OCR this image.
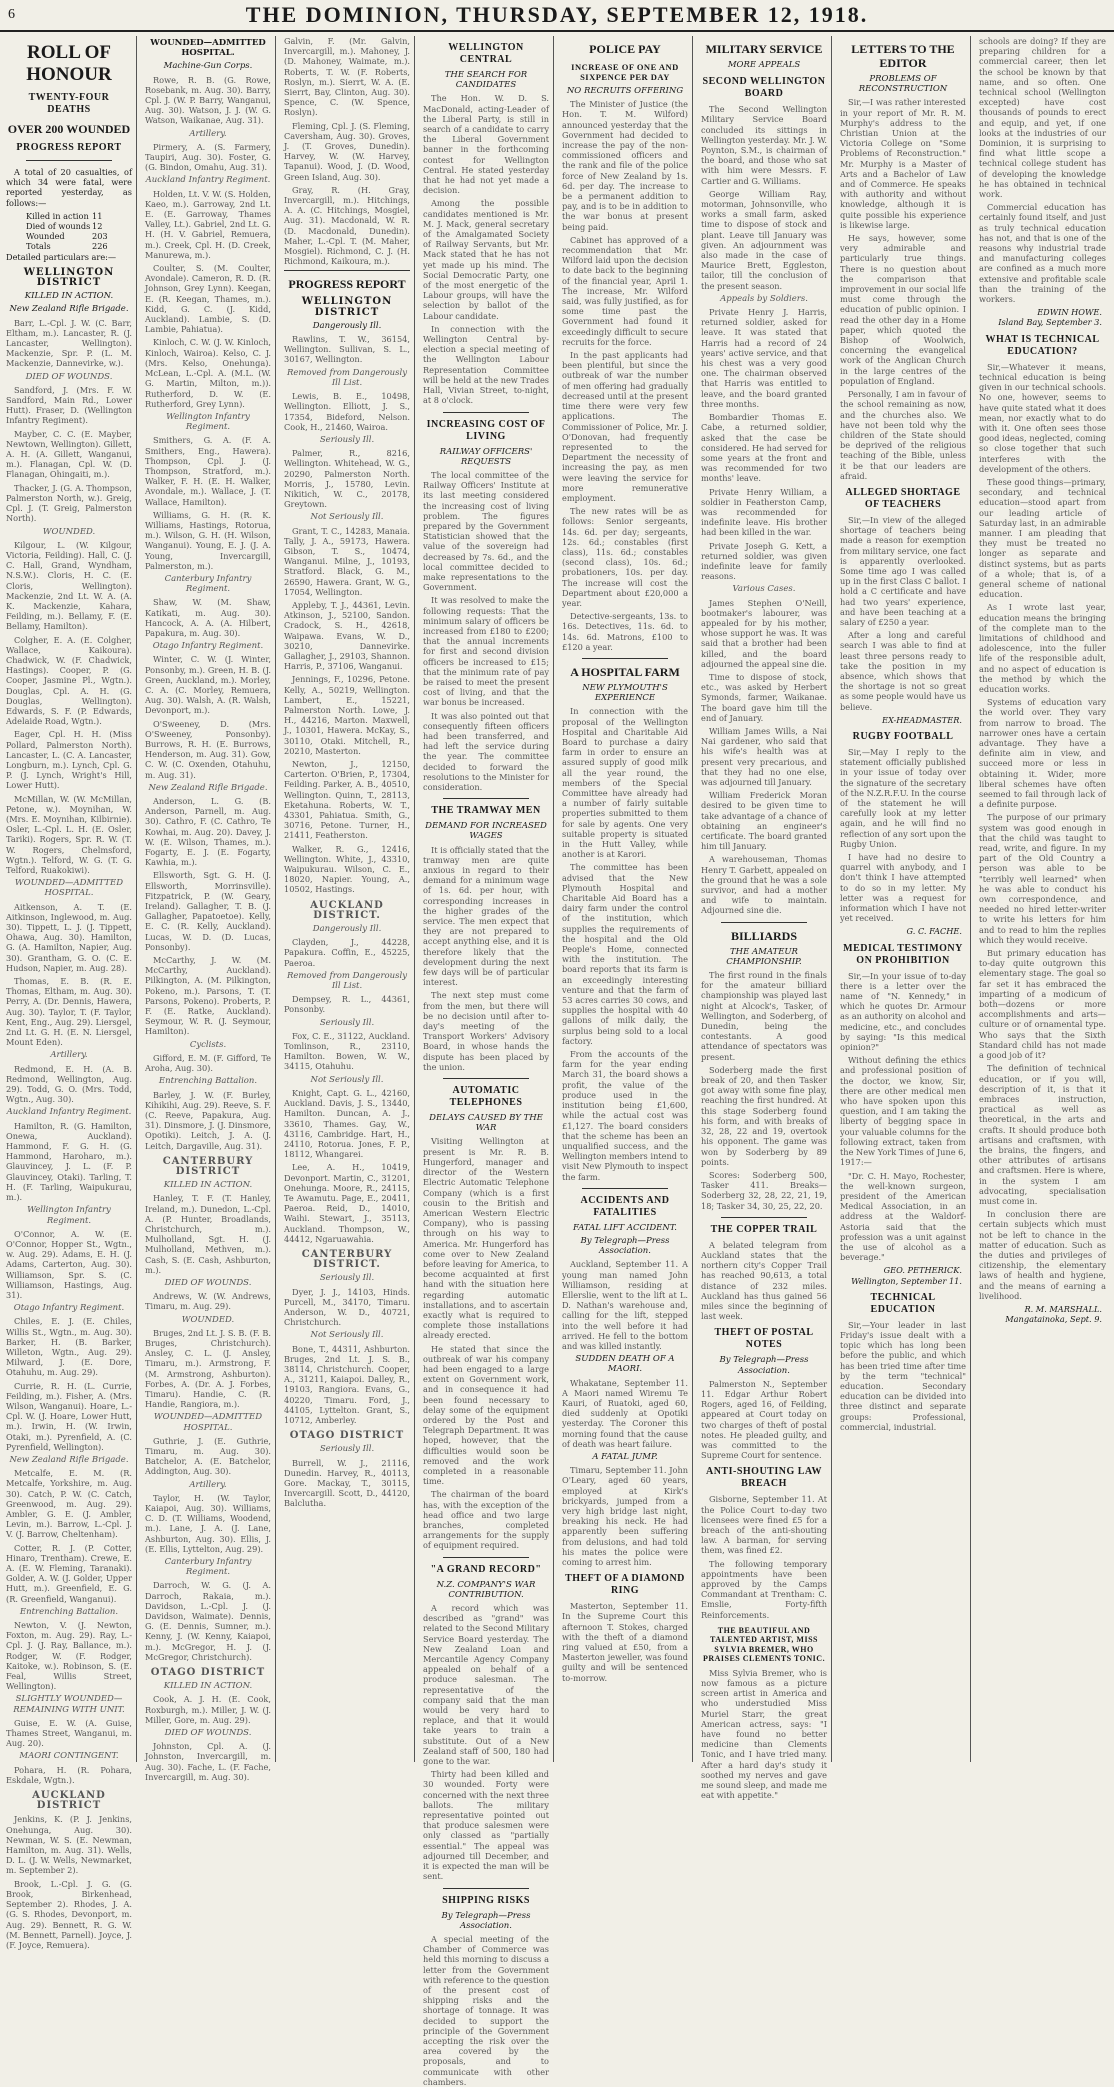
6	THE DOMINION, THURSDAY, SEPTEMBER 12, 1918.
ROLL OF HONOUR
TWENTY-FOUR DEATHS
OVER 200 WOUNDED
PROGRESS REPORT

A total of 20 casualties, of which 34 were fatal, were reported yesterday, as follows:—

Killed in action 11
Died of wounds 12
Wounded	203
Totals	226

Detailed particulars are:—

WELLINGTON DISTRICT
KILLED IN ACTION.
New Zealand Rifle Brigade.

Barr, L.-Cpl. J. W. (C. Barr, Eltham, m.). Lancaster, R. (J. Lancaster, Wellington). Mackenzie, Spr. P. (L. M. Mackenzie, Dannevirke, w.).

DIED OF WOUNDS.

Sandford, J. (Mrs. F. W. Sandford, Main Rd., Lower Hutt). Fraser, D. (Wellington Infantry Regiment).

Mayber, C. C. (E. Mayber, Newtown, Wellington). Gillett, A. H. (A. Gillett, Wanganui, m.). Flanagan, Cpl. W. (D. Flanagan, Ohingaiti, m.).

Thacker, J. (G. A. Thompson, Palmerston North, w.). Greig, Cpl. J. (T. Greig, Palmerston North).

WOUNDED.

Kilgour, L. (W. Kilgour, Victoria, Feilding). Hall, C. (J. C. Hall, Grand, Wyndham, N.S.W.). Cloris, H. C. (E. Cloris, Wellington). Mackenzie, 2nd Lt. W. A. (A. K. Mackenzie, Kahara, Feilding, m.). Bellamy, F. (E. Bellamy, Hamilton).

Colgher, E. A. (E. Colgher, Wallace, Kaikoura). Chadwick, W. (F. Chadwick, Hastings). Cooper, P. (G. Cooper, Jasmine Pl., Wgtn.). Douglas, Cpl. A. H. (G. Douglas, Wellington). Edwards, S. F. (P. Edwards, Adelaide Road, Wgtn.).

Eager, Cpl. H. H. (Miss Pollard, Palmerston North). Lancaster, L. (C. A. Lancaster, Longburn, m.). Lynch, Cpl. G. P. (J. Lynch, Wright's Hill, Lower Hutt).

McMillan, W. (W. McMillan, Petone, w.). Moynihan, W. (Mrs. E. Moynihan, Kilbirnie). Osler, L.-Cpl. L. H. (E. Osler, Tariki). Rogers, Spr. R. W. (T. W. Rogers, Chelmsford, Wgtn.). Telford, W. G. (T. G. Telford, Ruakokiwi).

WOUNDED—ADMITTED HOSPITAL.

Aitkenson, A. T. (E. Aitkinson, Inglewood, m. Aug. 30). Tippett, L. J. (J. Tippett, Ohawa, Aug. 30). Hamilton, G. (A. Hamilton, Napier, Aug. 30). Grantham, G. O. (C. E. Hudson, Napier, m. Aug. 28).

Thomas, E. B. (R. E. Thomas, Eltham, m. Aug. 30). Perry, A. (Dr. Dennis, Hawera, Aug. 30). Taylor, T. (F. Taylor, Kent, Eng., Aug. 29). Liersgel, 2nd Lt. G. H. (E. N. Liersgel, Mount Eden).

Artillery.

Redmond, E. H. (A. B. Redmond, Wellington, Aug. 29). Todd, G. O. (Mrs. Todd, Wgtn., Aug. 30).

Auckland Infantry Regiment.

Hamilton, R. (G. Hamilton, Onewa, Auckland). Hammond, F. G. H. (G. Hammond, Haroharo, m.). Glauvincey, J. L. (F. P. Glauvincey, Otaki). Tarling, T. H. (F. Tarling, Waipukurau, m.).

Wellington Infantry Regiment.

O'Connor, A. W. (E. O'Connor, Hopper St., Wgtn., w. Aug. 29). Adams, E. H. (J. Adams, Carterton, Aug. 30). Williamson, Spr. S. (C. Williamson, Hastings, Aug. 31).

Otago Infantry Regiment.

Chiles, E. J. (E. Chiles, Willis St., Wgtn., m. Aug. 30). Barker, H. (B. Barker, Willeton, Wgtn., Aug. 29). Milward, J. (E. Dore, Otahuhu, m. Aug. 29).

Currie, R. H. (L. Currie, Feilding, m.). Fisher, A. (Mrs. Wilson, Wanganui). Hoare, L.-Cpl. W. (J. Hoare, Lower Hutt, m.). Irwin, H. (W. Irwin, Otaki, m.). Pyrenfield, A. (C. Pyrenfield, Wellington).

New Zealand Rifle Brigade.

Metcalfe, E. M. (R. Metcalfe, Yorkshire, m. Aug. 30). Catch, P. W. (C. Catch, Greenwood, m. Aug. 29). Ambler, G. E. (J. Ambler, Levin, m.). Barrow, L.-Cpl. J. V. (J. Barrow, Cheltenham).

Cotter, R. J. (P. Cotter, Hinaro, Trentham). Crewe, E. A. (E. W. Fleming, Taranaki). Golder, A. W. (J. Golder, Upper Hutt, m.). Greenfield, E. G. (R. Greenfield, Wanganui).

Entrenching Battalion.

Newton, V. (J. Newton, Foxton, m. Aug. 29). Ray, L.-Cpl. J. (J. Ray, Ballance, m.). Rodger, W. (F. Rodger, Kaitoke, w.). Robinson, S. (E. Feal, Willis Street, Wellington).

SLIGHTLY WOUNDED—REMAINING WITH UNIT.

Guise, E. W. (A. Guise, Thames Street, Wanganui, m. Aug. 20).

MAORI CONTINGENT.

Pohara, H. (R. Pohara, Eskdale, Wgtn.).

AUCKLAND DISTRICT

Jenkins, K. (P. J. Jenkins, Onehunga, Aug. 30). Newman, W. S. (E. Newman, Hamilton, m. Aug. 31). Wells, D. L. (J. W. Wells, Newmarket, m. September 2).

Brook, L.-Cpl. J. G. (G. Brook, Birkenhead, September 2). Rhodes, J. A. (G. S. Rhodes, Devonport, m. Aug. 29). Bennett, R. G. W. (M. Bennett, Parnell). Joyce, J. (F. Joyce, Remuera).

WOUNDED—ADMITTED HOSPITAL.
Machine-Gun Corps.

Rowe, R. B. (G. Rowe, Rosebank, m. Aug. 30). Barry, Cpl. J. (W. P. Barry, Wanganui, Aug. 30). Watson, J. J. (W. G. Watson, Waikanae, Aug. 31).

Artillery.

Pirmery, A. (S. Farmery, Taupiri, Aug. 30). Foster, G. (G. Bindon, Omahu, Aug. 31).

Auckland Infantry Regiment.

Holden, Lt. V. W. (S. Holden, Kaeo, m.). Garroway, 2nd Lt. E. (E. Garroway, Thames Valley, Lt.). Gabriel, 2nd Lt. G. H. (H. V. Gabriel, Remuera, m.). Creek, Cpl. H. (D. Creek, Manurewa, m.).

Coulter, S. (M. Coulter, Avondale). Cameron, R. D. (R. Johnson, Grey Lynn). Keegan, E. (R. Keegan, Thames, m.). Kidd, G. C. (J. Kidd, Auckland). Lambie, S. (D. Lambie, Pahiatua).

Kinloch, C. W. (J. W. Kinloch, Kinloch, Wairoa). Kelso, C. J. (Mrs. Kelso, Onehunga). McLean, L.-Cpl. A. (M.L. (W. G. Martin, Milton, m.)). Rutherford, D. W. (E. Rutherford, Grey Lynn).

Wellington Infantry Regiment.

Smithers, G. A. (F. A. Smithers, Eng., Hawera). Thompson, Cpl. J. (J. Thompson, Stratford, m.). Walker, F. H. (E. H. Walker, Avondale, m.). Wallace, J. (T. Wallace, Hamilton).

Williams, G. H. (R. K. Williams, Hastings, Rotorua, m.). Wilson, G. H. (H. Wilson, Wanganui). Young, E. J. (J. A. Young, Invercargill, Palmerston, m.).

Canterbury Infantry Regiment.

Shaw, W. (M. Shaw, Katikati, m. Aug. 30). Hancock, A. A. (A. Hilbert, Papakura, m. Aug. 30).

Otago Infantry Regiment.

Winter, C. W. (J. Winter, Ponsonby, m.). Green, H. B. (J. Green, Auckland, m.). Morley, C. A. (C. Morley, Remuera, Aug. 30). Walsh, A. (R. Walsh, Devonport, m.).

O'Sweeney, D. (Mrs. O'Sweeney, Ponsonby). Burrows, R. H. (E. Burrows, Henderson, m. Aug. 31). Gow, C. W. (C. Oxenden, Otahuhu, m. Aug. 31).

New Zealand Rifle Brigade.

Anderson, L. G. (B. Anderson, Parnell, m. Aug. 30). Cathro, F. (C. Cathro, Te Kowhai, m. Aug. 20). Davey, J. W. (E. Wilson, Thames, m.). Fogarty, E. J. (E. Fogarty, Kawhia, m.).

Ellsworth, Sgt. G. H. (J. Ellsworth, Morrinsville). Fitzpatrick, P. (W. Geary, Ireland). Gallagher, T. B. (J. Gallagher, Papatoetoe). Kelly, E. C. (R. Kelly, Auckland). Lucas, W. D. (D. Lucas, Ponsonby).

McCarthy, J. W. (M. McCarthy, Auckland). Pilkington, A. (M. Pilkington, Pokeno, m.). Parsons, T. (T. Parsons, Pokeno). Proberts, P. F. (E. Ratke, Auckland). Seymour, W. R. (J. Seymour, Hamilton).

Cyclists.

Gifford, E. M. (F. Gifford, Te Aroha, Aug. 30).

Entrenching Battalion.

Barley, J. W. (F. Burley, Kihikihi, Aug. 29). Reeve, S. F. (C. Reeve, Papakura, Aug. 31). Dinsmore, J. (J. Dinsmore, Opotiki). Leitch, J. A. (J. Leitch, Dargaville, Aug. 31).

CANTERBURY DISTRICT
KILLED IN ACTION.

Hanley, T. F. (T. Hanley, Ireland, m.). Dunedon, L.-Cpl. A. (P. Hunter, Broadlands, Christchurch, m.). Mulholland, Sgt. H. (J. Mulholland, Methven, m.). Cash, S. (E. Cash, Ashburton, m.).

DIED OF WOUNDS.

Andrews, W. (W. Andrews, Timaru, m. Aug. 29).

WOUNDED.

Bruges, 2nd Lt. J. S. B. (F. B. Bruges, Christchurch). Ansley, C. L. (J. Ansley, Timaru, m.). Armstrong, F. (M. Armstrong, Ashburton). Forbes, A. (Dr. A. J. Forbes, Timaru). Handie, C. (R. Handie, Rangiora, m.).

WOUNDED—ADMITTED HOSPITAL.

Guthrie, J. (E. Guthrie, Timaru, m. Aug. 30). Batchelor, A. (E. Batchelor, Addington, Aug. 30).

Artillery.

Taylor, H. (W. Taylor, Kaiapoi, Aug. 30). Williams, C. D. (T. Williams, Woodend, m.). Lane, J. A. (J. Lane, Ashburton, Aug. 30). Ellis, J. (E. Ellis, Lyttelton, Aug. 29).

Canterbury Infantry Regiment.

Darroch, W. G. (J. A. Darroch, Rakaia, m.). Davidson, L.-Cpl. J. (J. Davidson, Waimate). Dennis, G. (E. Dennis, Sumner, m.). Kenny, J. (W. Kenny, Kaiapoi, m.). McGregor, H. J. (J. McGregor, Christchurch).

OTAGO DISTRICT
KILLED IN ACTION.

Cook, A. J. H. (E. Cook, Roxburgh, m.). Miller, J. W. (J. Miller, Gore, m. Aug. 29).

DIED OF WOUNDS.

Johnston, Cpl. A. (J. Johnston, Invercargill, m. Aug. 30). Fache, L. (F. Fache, Invercargill, m. Aug. 30).

Galvin, F. (Mr. Galvin, Invercargill, m.). Mahoney, J. (D. Mahoney, Waimate, m.). Roberts, T. W. (F. Roberts, Roslyn, m.). Sierrt, W. A. (E. Sierrt, Bay, Clinton, Aug. 30). Spence, C. (W. Spence, Roslyn).

Fleming, Cpl. J. (S. Fleming, Caversham, Aug. 30). Groves, J. (T. Groves, Dunedin). Harvey, W. (W. Harvey, Tapanui). Wood, J. (D. Wood, Green Island, Aug. 30).

Gray, R. (H. Gray, Invercargill, m.). Hitchings, A. A. (C. Hitchings, Mosgiel, Aug. 31). Macdonald, W. R. (D. Macdonald, Dunedin). Maher, L.-Cpl. T. (M. Maher, Mosgiel). Richmond, C. J. (H. Richmond, Kaikoura, m.).

PROGRESS REPORT
WELLINGTON DISTRICT
Dangerously Ill.

Rawlins, T. W., 36154, Wellington. Sullivan, S. L., 30167, Wellington.

Removed from Dangerously Ill List.

Lewis, B. E., 10498, Wellington. Elliott, J. S., 17354, Bideford, Nelson. Cook, H., 21460, Wairoa.

Seriously Ill.

Palmer, R., 8216, Wellington. Whitehead, W. G., 20290, Palmerston North. Morris, J., 15780, Levin. Nikitich, W. C., 20178, Greytown.

Not Seriously Ill.

Grant, T. C., 14283, Manaia. Tally, J. A., 59173, Hawera. Gibson, T. S., 10474, Wanganui. Milne, J., 10193, Stratford. Black, G. M., 26590, Hawera. Grant, W. G., 17054, Wellington.

Appleby, T. J., 44361, Levin. Atkinson, J., 52100, Sandon. Cradock, S. H., 42618, Waipawa. Evans, W. D., 30210, Dannevirke. Gallagher, J., 29103, Shannon. Harris, P., 37106, Wanganui.

Jennings, F., 10296, Petone. Kelly, A., 50219, Wellington. Lambert, E., 15221, Palmerston North. Lowe, J. H., 44216, Marton. Maxwell, J., 10301, Hawera. McKay, S., 30110, Otaki. Mitchell, R., 20210, Masterton.

Newton, J., 12150, Carterton. O'Brien, P., 17304, Feilding. Parker, A. B., 40510, Wellington. Quinn, T., 28113, Eketahuna. Roberts, W. T., 43301, Pahiatua. Smith, G., 30716, Petone. Turner, H., 21411, Featherston.

Walker, R. G., 12416, Wellington. White, J., 43310, Waipukurau. Wilson, C. E., 18020, Napier. Young, A., 10502, Hastings.

AUCKLAND DISTRICT.
Dangerously Ill.

Clayden, J., 44228, Papakura. Coffin, E., 45225, Paeroa.

Removed from Dangerously Ill List.

Dempsey, R. L., 44361, Ponsonby.

Seriously Ill.

Fox, C. E., 31122, Auckland. Tomlinson, R., 23110, Hamilton. Bowen, W. W., 34115, Otahuhu.

Not Seriously Ill.

Knight, Capt. G. L., 42160, Auckland. Davis, J. S., 13440, Hamilton. Duncan, A. J., 33610, Thames. Gay, W., 43116, Cambridge. Hart, H., 24110, Rotorua. Jones, F. P., 18112, Whangarei.

Lee, A. H., 10419, Devonport. Martin, C., 31201, Onehunga. Moore, R., 24115, Te Awamutu. Page, E., 20411, Paeroa. Reid, D., 14010, Waihi. Stewart, J., 35113, Auckland. Thompson, W., 44412, Ngaruawahia.

CANTERBURY DISTRICT.
Seriously Ill.

Dyer, J. J., 14103, Hinds. Purcell, M., 34170, Timaru. Anderson, W. D., 40721, Christchurch.

Not Seriously Ill.

Bone, T., 44311, Ashburton. Bruges, 2nd Lt. J. S. B., 38114, Christchurch. Cooper, A., 31211, Kaiapoi. Dalley, R., 19103, Rangiora. Evans, G., 40220, Timaru. Ford, J., 44105, Lyttelton. Grant, S., 10712, Amberley.

OTAGO DISTRICT
Seriously Ill.

Burrell, W. J., 21116, Dunedin. Harvey, R., 40113, Gore. Mackay, T., 30115, Invercargill. Scott, D., 44120, Balclutha.

WELLINGTON CENTRAL
THE SEARCH FOR CANDIDATES

The Hon. W. D. S. MacDonald, acting-Leader of the Liberal Party, is still in search of a candidate to carry the Liberal Government banner in the forthcoming contest for Wellington Central. He stated yesterday that he had not yet made a decision.

Among the possible candidates mentioned is Mr. M. J. Mack, general secretary of the Amalgamated Society of Railway Servants, but Mr. Mack stated that he has not yet made up his mind. The Social Democratic Party, one of the most energetic of the Labour groups, will have the selection by ballot of the Labour candidate.

In connection with the Wellington Central by-election a special meeting of the Wellington Labour Representation Committee will be held at the new Trades Hall, Vivian Street, to-night, at 8 o'clock.

INCREASING COST OF LIVING
RAILWAY OFFICERS' REQUESTS

The local committee of the Railway Officers' Institute at its last meeting considered the increasing cost of living problem. The figures prepared by the Government Statistician showed that the value of the sovereign had decreased by 7s. 6d., and the local committee decided to make representations to the Government.

It was resolved to make the following requests: That the minimum salary of officers be increased from £180 to £200; that the annual increments for first and second division officers be increased to £15; that the minimum rate of pay be raised to meet the present cost of living, and that the war bonus be increased.

It was also pointed out that consequently fifteen officers had been transferred, and had left the service during the year. The committee decided to forward the resolutions to the Minister for consideration.

THE TRAMWAY MEN
DEMAND FOR INCREASED WAGES

It is officially stated that the tramway men are quite anxious in regard to their demand for a minimum wage of 1s. 6d. per hour, with corresponding increases in the higher grades of the service. The men expect that they are not prepared to accept anything else, and it is therefore likely that the development during the next few days will be of particular interest.

The next step must come from the men, but there will be no decision until after to-day's meeting of the Transport Workers' Advisory Board, in whose hands the dispute has been placed by the union.

AUTOMATIC TELEPHONES
DELAYS CAUSED BY THE WAR

Visiting Wellington at present is Mr. R. B. Hungerford, manager and director of the Western Electric Automatic Telephone Company (which is a first cousin to the British and American Western Electric Company), who is passing through on his way to America. Mr. Hungerford has come over to New Zealand before leaving for America, to become acquainted at first hand with the situation here regarding automatic installations, and to ascertain exactly what is required to complete those installations already erected.

He stated that since the outbreak of war his company had been engaged to a large extent on Government work, and in consequence it had been found necessary to delay some of the equipment ordered by the Post and Telegraph Department. It was hoped, however, that the difficulties would soon be removed and the work completed in a reasonable time.

The chairman of the board has, with the exception of the head office and two large branches, completed arrangements for the supply of equipment required.

"A GRAND RECORD"
N.Z. COMPANY'S WAR CONTRIBUTION.

A record which was described as "grand" was related to the Second Military Service Board yesterday. The New Zealand Loan and Mercantile Agency Company appealed on behalf of a produce salesman. The representative of the company said that the man would be very hard to replace, and that it would take years to train a substitute. Out of a New Zealand staff of 500, 180 had gone to the war.

Thirty had been killed and 30 wounded. Forty were concerned with the next three ballots. The military representative pointed out that produce salesmen were only classed as "partially essential." The appeal was adjourned till December, and it is expected the man will be sent.

SHIPPING RISKS
By Telegraph—Press Association.

A special meeting of the Chamber of Commerce was held this morning to discuss a letter from the Government with reference to the question of the present cost of shipping risks and the shortage of tonnage. It was decided to support the principle of the Government accepting the risk over the area covered by the proposals, and to communicate with other chambers.

POLICE PAY
INCREASE OF ONE AND SIXPENCE PER DAY
NO RECRUITS OFFERING

The Minister of Justice (the Hon. T. M. Wilford) announced yesterday that the Government had decided to increase the pay of the non-commissioned officers and the rank and file of the police force of New Zealand by 1s. 6d. per day. The increase to be a permanent addition to pay, and is to be in addition to the war bonus at present being paid.

Cabinet has approved of a recommendation that Mr. Wilford laid upon the decision to date back to the beginning of the financial year, April 1. The increase, Mr. Wilford said, was fully justified, as for some time past the Government had found it exceedingly difficult to secure recruits for the force.

In the past applicants had been plentiful, but since the outbreak of war the number of men offering had gradually decreased until at the present time there were very few applications. The Commissioner of Police, Mr. J. O'Donovan, had frequently represented to the Department the necessity of increasing the pay, as men were leaving the service for more remunerative employment.

The new rates will be as follows: Senior sergeants, 14s. 6d. per day; sergeants, 12s. 6d.; constables (first class), 11s. 6d.; constables (second class), 10s. 6d.; probationers, 10s. per day. The increase will cost the Department about £20,000 a year.

Detective-sergeants, 13s. to 16s. Detectives, 11s. 6d. to 14s. 6d. Matrons, £100 to £120 a year.

A HOSPITAL FARM
NEW PLYMOUTH'S EXPERIENCE

In connection with the proposal of the Wellington Hospital and Charitable Aid Board to purchase a dairy farm in order to ensure an assured supply of good milk all the year round, the members of the Special Committee have already had a number of fairly suitable properties submitted to them for sale by agents. One very suitable property is situated in the Hutt Valley, while another is at Karori.

The committee has been advised that the New Plymouth Hospital and Charitable Aid Board has a dairy farm under the control of the institution, which supplies the requirements of the hospital and the Old People's Home, connected with the institution. The board reports that its farm is an exceedingly interesting venture and that the farm of 53 acres carries 30 cows, and supplies the hospital with 40 gallons of milk daily, the surplus being sold to a local factory.

From the accounts of the farm for the year ending March 31, the board shows a profit, the value of the produce used in the institution being £1,600, while the actual cost was £1,127. The board considers that the scheme has been an unqualified success, and the Wellington members intend to visit New Plymouth to inspect the farm.

ACCIDENTS AND FATALITIES
FATAL LIFT ACCIDENT.
By Telegraph—Press Association.

Auckland, September 11. A young man named John Williamson, residing at Ellerslie, went to the lift at L. D. Nathan's warehouse and, calling for the lift, stepped into the well before it had arrived. He fell to the bottom and was killed instantly.

SUDDEN DEATH OF A MAORI.

Whakatane, September 11. A Maori named Wiremu Te Kauri, of Ruatoki, aged 60, died suddenly at Opotiki yesterday. The Coroner this morning found that the cause of death was heart failure.

A FATAL JUMP.

Timaru, September 11. John O'Leary, aged 60 years, employed at Kirk's brickyards, jumped from a very high bridge last night, breaking his neck. He had apparently been suffering from delusions, and had told his mates the police were coming to arrest him.

THEFT OF A DIAMOND RING

Masterton, September 11. In the Supreme Court this afternoon T. Stokes, charged with the theft of a diamond ring valued at £50, from a Masterton jeweller, was found guilty and will be sentenced to-morrow.

MILITARY SERVICE
MORE APPEALS
SECOND WELLINGTON BOARD

The Second Wellington Military Service Board concluded its sittings in Wellington yesterday. Mr. J. W. Poynton, S.M., is chairman of the board, and those who sat with him were Messrs. F. Cartier and G. Williams.

George William Ray, motorman, Johnsonville, who works a small farm, asked time to dispose of stock and plant. Leave till January was given. An adjournment was also made in the case of Maurice Brett, Eggleston, tailor, till the conclusion of the present season.

Appeals by Soldiers.

Private Henry J. Harris, returned soldier, asked for leave. It was stated that Harris had a record of 24 years' active service, and that his chest was a very good one. The chairman observed that Harris was entitled to leave, and the board granted three months.

Bombardier Thomas E. Cabe, a returned soldier, asked that the case be considered. He had served for some years at the front and was recommended for two months' leave.

Private Henry William, a soldier in Featherston Camp, was recommended for indefinite leave. His brother had been killed in the war.

Private Joseph G. Kett, a returned soldier, was given indefinite leave for family reasons.

Various Cases.

James Stephen O'Neill, bootmaker's labourer, was appealed for by his mother, whose support he was. It was said that a brother had been killed, and the board adjourned the appeal sine die.

Time to dispose of stock, etc., was asked by Herbert Symonds, farmer, Waikanae. The board gave him till the end of January.

William James Wills, a Nai Nai gardener, who said that his wife's health was at present very precarious, and that they had no one else, was adjourned till January.

William Frederick Moran desired to be given time to take advantage of a chance of obtaining an engineer's certificate. The board granted him till January.

A warehouseman, Thomas Henry T. Garbett, appealed on the ground that he was a sole survivor, and had a mother and wife to maintain. Adjourned sine die.

BILLIARDS
THE AMATEUR CHAMPIONSHIP.

The first round in the finals for the amateur billiard championship was played last night at Alcock's, Tasker, of Wellington, and Soderberg, of Dunedin, being the contestants. A good attendance of spectators was present.

Soderberg made the first break of 20, and then Tasker got away with some fine play, reaching the first hundred. At this stage Soderberg found his form, and with breaks of 32, 28, 22 and 19, overtook his opponent. The game was won by Soderberg by 89 points.

Scores: Soderberg 500, Tasker 411. Breaks—Soderberg 32, 28, 22, 21, 19, 18; Tasker 34, 30, 25, 22, 20.

THE COPPER TRAIL

A belated telegram from Auckland states that the northern city's Copper Trail has reached 90,613, a total distance of 232 miles. Auckland has thus gained 56 miles since the beginning of last week.

THEFT OF POSTAL NOTES
By Telegraph—Press Association.

Palmerston N., September 11. Edgar Arthur Robert Rogers, aged 16, of Feilding, appeared at Court today on two charges of theft of postal notes. He pleaded guilty, and was committed to the Supreme Court for sentence.

ANTI-SHOUTING LAW BREACH

Gisborne, September 11. At the Police Court to-day two licensees were fined £5 for a breach of the anti-shouting law. A barman, for serving them, was fined £2.

The following temporary appointments have been approved by the Camps Commandant at Trentham: C. Emslie, Forty-fifth Reinforcements.

THE BEAUTIFUL AND TALENTED ARTIST, MISS SYLVIA BREMER, WHO PRAISES CLEMENTS TONIC.

Miss Sylvia Bremer, who is now famous as a picture screen artist in America and who understudied Miss Muriel Starr, the great American actress, says: "I have found no better medicine than Clements Tonic, and I have tried many. After a hard day's study it soothed my nerves and gave me sound sleep, and made me eat with appetite."

LETTERS TO THE EDITOR
PROBLEMS OF RECONSTRUCTION

Sir,—I was rather interested in your report of Mr. R. M. Murphy's address to the Christian Union at the Victoria College on "Some Problems of Reconstruction." Mr. Murphy is a Master of Arts and a Bachelor of Law and of Commerce. He speaks with authority and without knowledge, although it is quite possible his experience is likewise large.

He says, however, some very admirable and particularly true things. There is no question about the comparison that improvement in our social life must come through the education of public opinion. I read the other day in a Home paper, which quoted the Bishop of Woolwich, concerning the evangelical work of the Anglican Church in the large centres of the population of England.

Personally, I am in favour of the school remaining as now, and the churches also. We have not been told why the children of the State should be deprived of the religious teaching of the Bible, unless it be that our leaders are afraid.

ALLEGED SHORTAGE OF TEACHERS

Sir,—In view of the alleged shortage of teachers being made a reason for exemption from military service, one fact is apparently overlooked. Some time ago I was called up in the first Class C ballot. I hold a C certificate and have had two years' experience, and have been teaching at a salary of £250 a year.

After a long and careful search I was able to find at least three persons ready to take the position in my absence, which shows that the shortage is not so great as some people would have us believe.

EX-HEADMASTER.
RUGBY FOOTBALL

Sir,—May I reply to the statement officially published in your issue of today over the signature of the secretary of the N.Z.R.F.U. In the course of the statement he will carefully look at my letter again, and he will find no reflection of any sort upon the Rugby Union.

I have had no desire to quarrel with anybody, and I don't think I have attempted to do so in my letter. My letter was a request for information which I have not yet received.

G. C. FACHE.
MEDICAL TESTIMONY ON PROHIBITION

Sir,—In your issue of to-day there is a letter over the name of "N. Kennedy," in which he quotes Dr. Armour as an authority on alcohol and medicine, etc., and concludes by saying: "Is this medical opinion?"

Without defining the ethics and professional position of the doctor, we know, Sir, there are other medical men who have spoken upon this question, and I am taking the liberty of begging space in your valuable columns for the following extract, taken from the New York Times of June 6, 1917:—

"Dr. C. H. Mayo, Rochester, the well-known surgeon, president of the American Medical Association, in an address at the Waldorf-Astoria said that the profession was a unit against the use of alcohol as a beverage."

GEO. PETHERICK.
Wellington, September 11.
TECHNICAL EDUCATION

Sir,—Your leader in last Friday's issue dealt with a topic which has long been before the public, and which has been tried time after time by the term "technical" education. Secondary education can be divided into three distinct and separate groups: Professional, commercial, industrial.

schools are doing? If they are preparing children for a commercial career, then let the school be known by that name, and so often. One technical school (Wellington excepted) have cost thousands of pounds to erect and equip, and yet, if one looks at the industries of our Dominion, it is surprising to find what little scope a technical college student has of developing the knowledge he has obtained in technical work.

Commercial education has certainly found itself, and just as truly technical education has not, and that is one of the reasons why industrial trade and manufacturing colleges are confined as a much more extensive and profitable scale than the training of the workers.

EDWIN HOWE.
Island Bay, September 3.
WHAT IS TECHNICAL EDUCATION?

Sir,—Whatever it means, technical education is being given in our technical schools. No one, however, seems to have quite stated what it does mean, nor exactly what to do with it. One often sees those good ideas, neglected, coming so close together that such interferes with the development of the others.

These good things—primary, secondary, and technical education—stood apart from our leading article of Saturday last, in an admirable manner. I am pleading that they must be treated no longer as separate and distinct systems, but as parts of a whole; that is, of a general scheme of national education.

As I wrote last year, education means the bringing of the complete man to the limitations of childhood and adolescence, into the fuller life of the responsible adult, and no aspect of education is the method by which the education works.

Systems of education vary the world over. They vary from narrow to broad. The narrower ones have a certain advantage. They have a definite aim in view, and succeed more or less in obtaining it. Wider, more liberal schemes have often seemed to fail through lack of a definite purpose.

The purpose of our primary system was good enough in that the child was taught to read, write, and figure. In my part of the Old Country a person was able to be "terribly well learned" when he was able to conduct his own correspondence, and needed no hired letter-writer to write his letters for him and to read to him the replies which they would receive.

But primary education has to-day quite outgrown this elementary stage. The goal so far set it has embraced the imparting of a modicum of both—dozens or more accomplishments and arts—culture or of ornamental type. Who says that the Sixth Standard child has not made a good job of it?

The definition of technical education, or if you will, description of it, is that it embraces instruction, practical as well as theoretical, in the arts and crafts. It should produce both artisans and craftsmen, with the brains, the fingers, and other attributes of artisans and craftsmen. Here is where, in the system I am advocating, specialisation must come in.

In conclusion there are certain subjects which must not be left to chance in the matter of education. Such as the duties and privileges of citizenship, the elementary laws of health and hygiene, and the means of earning a livelihood.

R. M. MARSHALL.
Mangatainoka, Sept. 9.
